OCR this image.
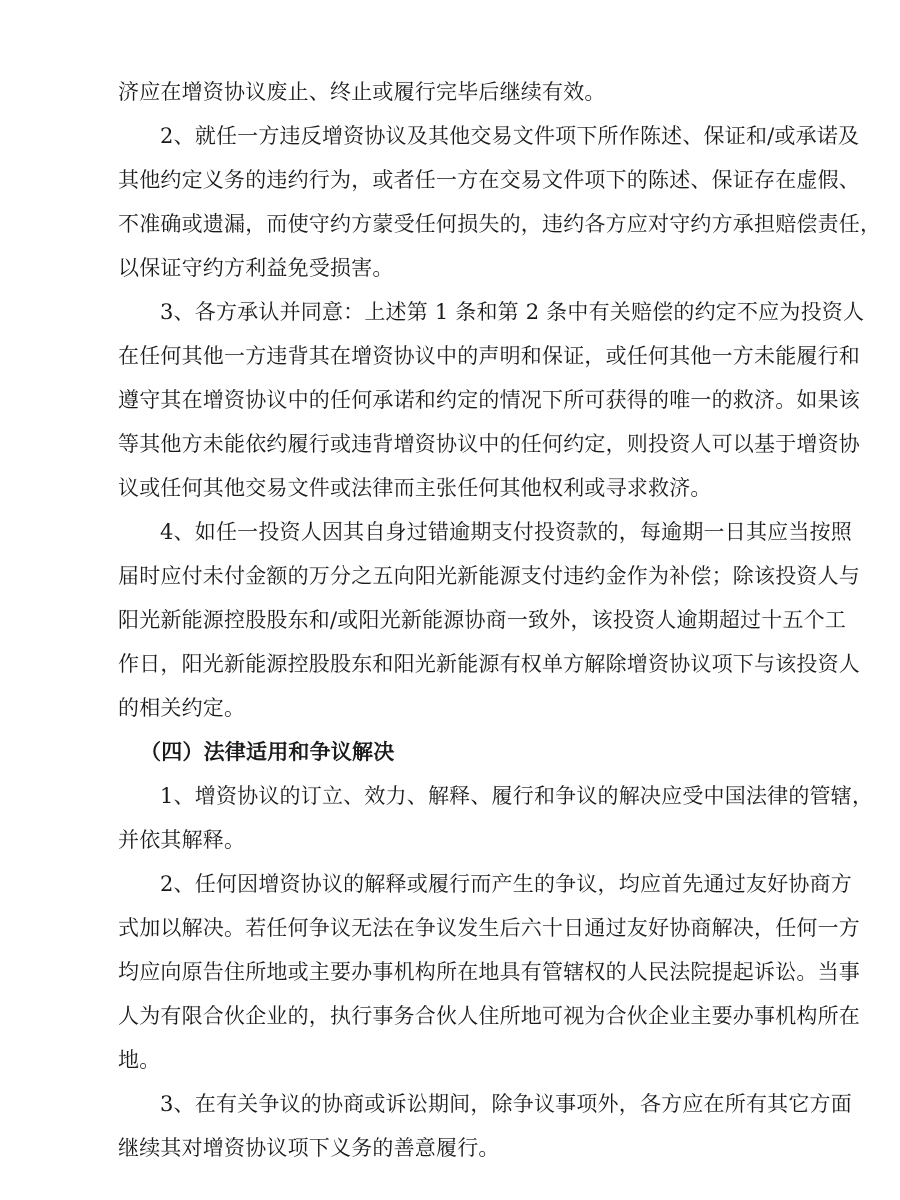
济应在增资协议废止、终止或履行完毕后继续有效。
2、就任一方违反增资协议及其他交易文件项下所作陈述、保证和/或承诺及
其他约定义务的违约行为，或者任一方在交易文件项下的陈述、保证存在虚假、
不准确或遗漏，而使守约方蒙受任何损失的，违约各方应对守约方承担赔偿责任，
以保证守约方利益免受损害。
3、各方承认并同意：上述第 1 条和第 2 条中有关赔偿的约定不应为投资人
在任何其他一方违背其在增资协议中的声明和保证，或任何其他一方未能履行和
遵守其在增资协议中的任何承诺和约定的情况下所可获得的唯一的救济。如果该
等其他方未能依约履行或违背增资协议中的任何约定，则投资人可以基于增资协
议或任何其他交易文件或法律而主张任何其他权利或寻求救济。
4、如任一投资人因其自身过错逾期支付投资款的，每逾期一日其应当按照
届时应付未付金额的万分之五向阳光新能源支付违约金作为补偿；除该投资人与
阳光新能源控股股东和/或阳光新能源协商一致外，该投资人逾期超过十五个工
作日，阳光新能源控股股东和阳光新能源有权单方解除增资协议项下与该投资人
的相关约定。
（四）法律适用和争议解决
1、增资协议的订立、效力、解释、履行和争议的解决应受中国法律的管辖，
并依其解释。
2、任何因增资协议的解释或履行而产生的争议，均应首先通过友好协商方
式加以解决。若任何争议无法在争议发生后六十日通过友好协商解决，任何一方
均应向原告住所地或主要办事机构所在地具有管辖权的人民法院提起诉讼。当事
人为有限合伙企业的，执行事务合伙人住所地可视为合伙企业主要办事机构所在
地。
3、在有关争议的协商或诉讼期间，除争议事项外，各方应在所有其它方面
继续其对增资协议项下义务的善意履行。
